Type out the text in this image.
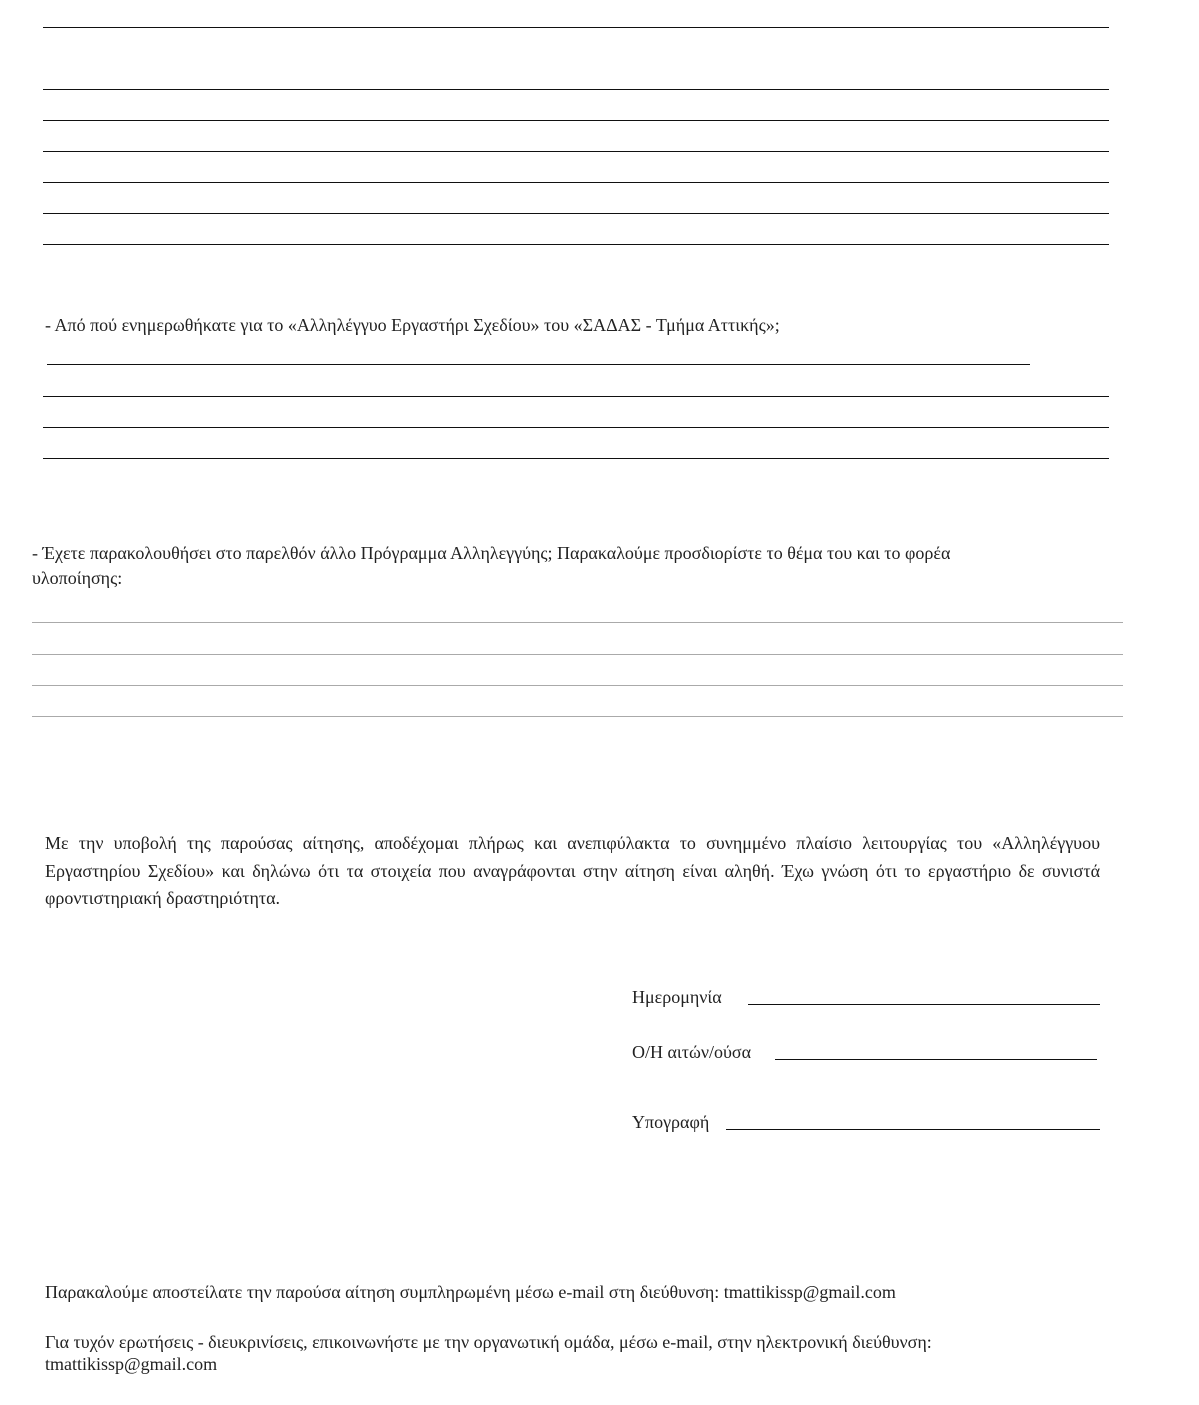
- Από πού ενημερωθήκατε για το «Αλληλέγγυο Εργαστήρι Σχεδίου» του «ΣΑΔΑΣ - Τμήμα Αττικής»;
- Έχετε παρακολουθήσει στο παρελθόν άλλο Πρόγραμμα Αλληλεγγύης; Παρακαλούμε προσδιορίστε το θέμα του και το φορέα
υλοποίησης:
Με την υποβολή της παρούσας αίτησης, αποδέχομαι πλήρως και ανεπιφύλακτα το συνημμένο πλαίσιο λειτουργίας του «Αλληλέγγυου Εργαστηρίου Σχεδίου» και δηλώνω ότι τα στοιχεία που αναγράφονται στην αίτηση είναι αληθή. Έχω γνώση ότι το εργαστήριο δε συνιστά φροντιστηριακή δραστηριότητα.
Ημερομηνία
Ο/Η αιτών/ούσα
Υπογραφή
Παρακαλούμε αποστείλατε την παρούσα αίτηση συμπληρωμένη μέσω e-mail στη διεύθυνση: tmattikissp@gmail.com
Για τυχόν ερωτήσεις - διευκρινίσεις, επικοινωνήστε με την οργανωτική ομάδα, μέσω e-mail, στην ηλεκτρονική διεύθυνση:
tmattikissp@gmail.com
